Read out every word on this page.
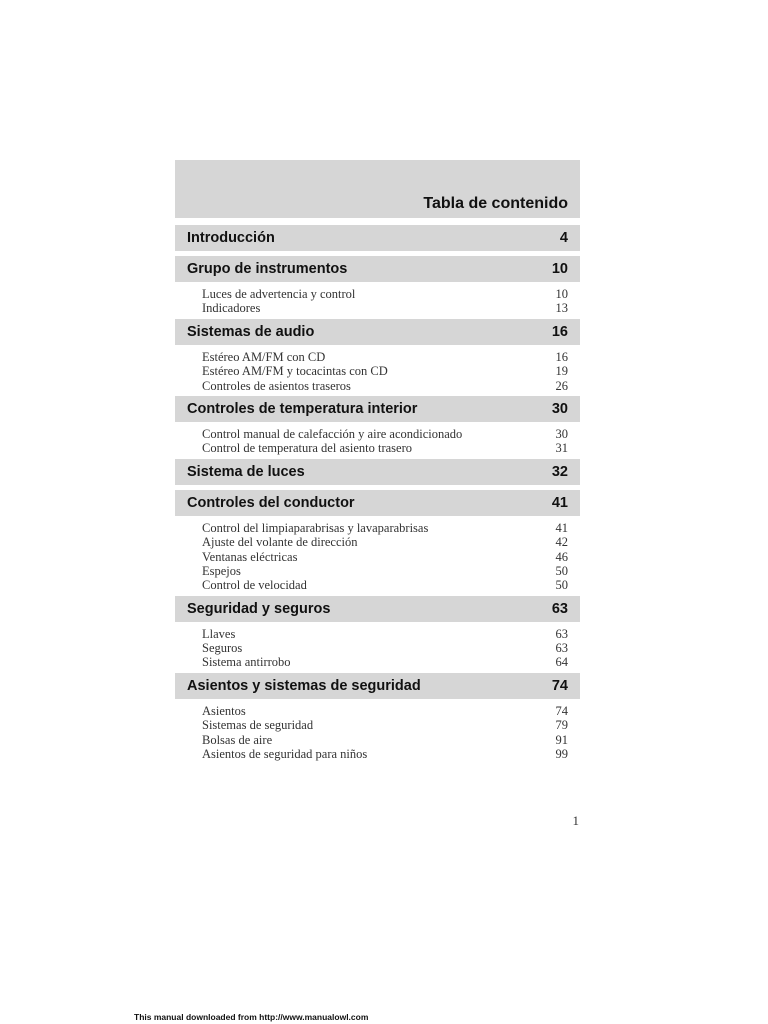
Tabla de contenido
Introducción	4
Grupo de instrumentos	10
Luces de advertencia y control	10
Indicadores	13
Sistemas de audio	16
Estéreo AM/FM con CD	16
Estéreo AM/FM y tocacintas con CD	19
Controles de asientos traseros	26
Controles de temperatura interior	30
Control manual de calefacción y aire acondicionado	30
Control de temperatura del asiento trasero	31
Sistema de luces	32
Controles del conductor	41
Control del limpiaparabrisas y lavaparabrisas	41
Ajuste del volante de dirección	42
Ventanas eléctricas	46
Espejos	50
Control de velocidad	50
Seguridad y seguros	63
Llaves	63
Seguros	63
Sistema antirrobo	64
Asientos y sistemas de seguridad	74
Asientos	74
Sistemas de seguridad	79
Bolsas de aire	91
Asientos de seguridad para niños	99
1
This manual downloaded from http://www.manualowl.com
